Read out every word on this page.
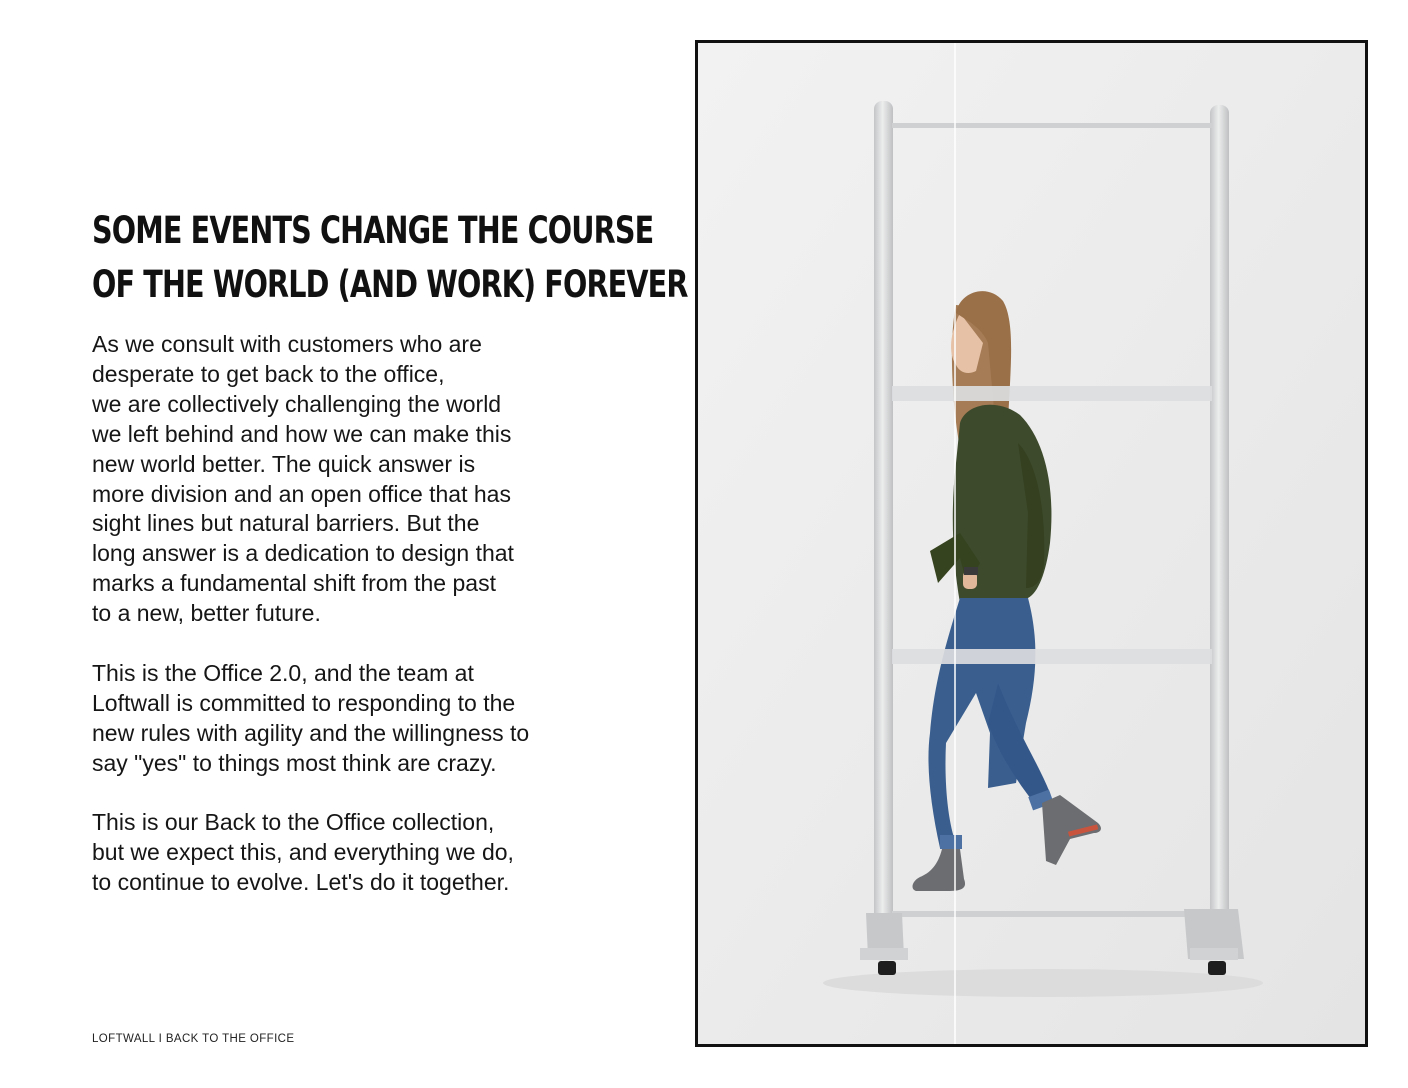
SOME EVENTS CHANGE THE COURSE
OF THE WORLD (AND WORK) FOREVER

As we consult with customers who are
desperate to get back to the office,
we are collectively challenging the world
we left behind and how we can make this
new world better. The quick answer is
more division and an open office that has
sight lines but natural barriers. But the
long answer is a dedication to design that
marks a fundamental shift from the past
to a new, better future.

This is the Office 2.0, and the team at
Loftwall is committed to responding to the
new rules with agility and the willingness to
say "yes" to things most think are crazy.

This is our Back to the Office collection,
but we expect this, and everything we do,
to continue to evolve. Let's do it together.

LOFTWALL I BACK TO THE OFFICE
